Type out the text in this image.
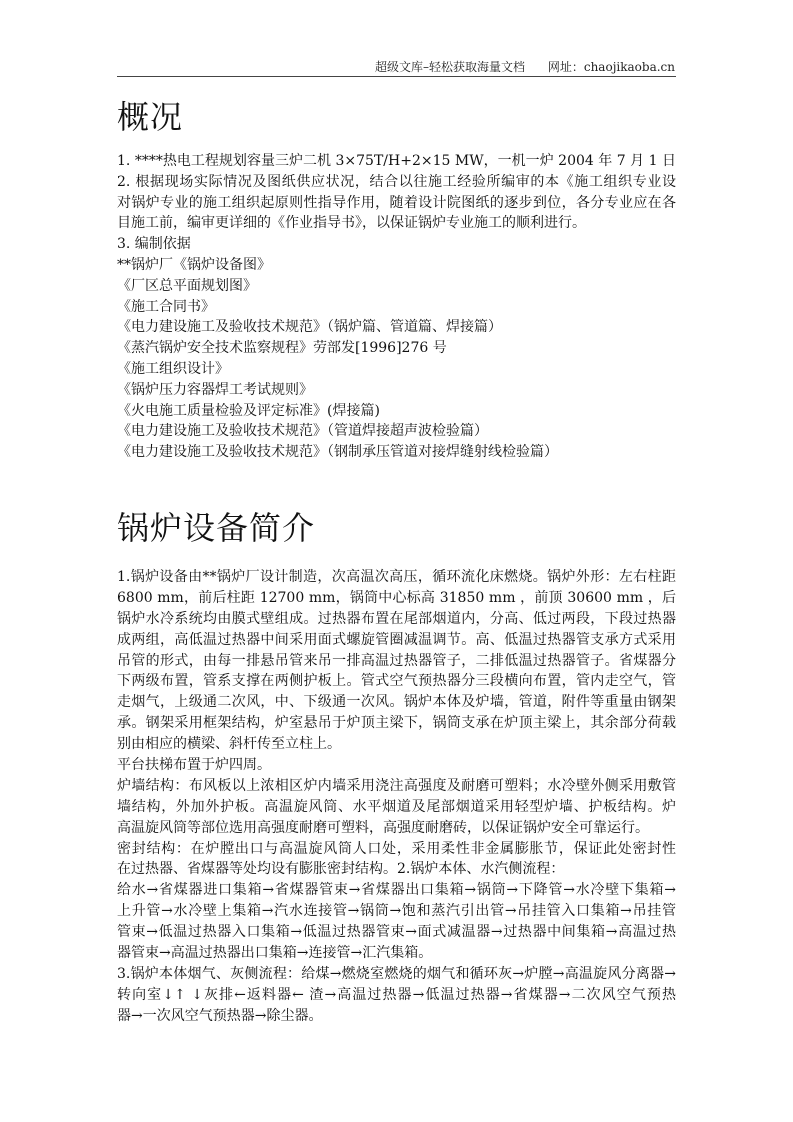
超级文库–轻松获取海量文档 网址：chaojikaoba.cn
概况
1. ****热电工程规划容量三炉二机 3×75T/H+2×15 MW，一机一炉 2004 年 7 月 1 日
2. 根据现场实际情况及图纸供应状况，结合以往施工经验所编审的本《施工组织专业设
对锅炉专业的施工组织起原则性指导作用，随着设计院图纸的逐步到位，各分专业应在各
目施工前，编审更详细的《作业指导书》，以保证锅炉专业施工的顺利进行。
3. 编制依据
**锅炉厂《锅炉设备图》
《厂区总平面规划图》
《施工合同书》
《电力建设施工及验收技术规范》（锅炉篇、管道篇、焊接篇）
《蒸汽锅炉安全技术监察规程》劳部发[1996]276 号
《施工组织设计》
《锅炉压力容器焊工考试规则》
《火电施工质量检验及评定标准》(焊接篇)
《电力建设施工及验收技术规范》（管道焊接超声波检验篇）
《电力建设施工及验收技术规范》（钢制承压管道对接焊缝射线检验篇）
锅炉设备简介
1.锅炉设备由**锅炉厂设计制造，次高温次高压，循环流化床燃烧。锅炉外形：左右柱距
6800 mm，前后柱距 12700 mm，锅筒中心标高 31850 mm ，前顶 30600 mm ，后
锅炉水冷系统均由膜式壁组成。过热器布置在尾部烟道内，分高、低过两段，下段过热器
成两组，高低温过热器中间采用面式螺旋管圈减温调节。高、低温过热器管支承方式采用
吊管的形式，由每一排悬吊管来吊一排高温过热器管子，二排低温过热器管子。省煤器分
下两级布置，管系支撑在两侧护板上。管式空气预热器分三段横向布置，管内走空气，管
走烟气，上级通二次风，中、下级通一次风。锅炉本体及炉墙，管道，附件等重量由钢架
承。钢架采用框架结构，炉室悬吊于炉顶主梁下，锅筒支承在炉顶主梁上，其余部分荷载
别由相应的横梁、斜杆传至立柱上。
平台扶梯布置于炉四周。
炉墙结构：布风板以上浓相区炉内墙采用浇注高强度及耐磨可塑料；水冷壁外侧采用敷管
墙结构，外加外护板。高温旋风筒、水平烟道及尾部烟道采用轻型炉墙、护板结构。炉
高温旋风筒等部位选用高强度耐磨可塑料，高强度耐磨砖，以保证锅炉安全可靠运行。
密封结构：在炉膛出口与高温旋风筒人口处，采用柔性非金属膨胀节，保证此处密封性
在过热器、省煤器等处均设有膨胀密封结构。2.锅炉本体、水汽侧流程：
给水→省煤器进口集箱→省煤器管束→省煤器出口集箱→锅筒→下降管→水冷壁下集箱→
上升管→水冷壁上集箱→汽水连接管→锅筒→饱和蒸汽引出管→吊挂管入口集箱→吊挂管
管束→低温过热器入口集箱→低温过热器管束→面式减温器→过热器中间集箱→高温过热
器管束→高温过热器出口集箱→连接管→汇汽集箱。
3.锅炉本体烟气、灰侧流程：给煤→燃烧室燃烧的烟气和循环灰→炉膛→高温旋风分离器→
转向室↓↑ ↓灰排←返料器← 渣→高温过热器→低温过热器→省煤器→二次风空气预热
器→一次风空气预热器→除尘器。
